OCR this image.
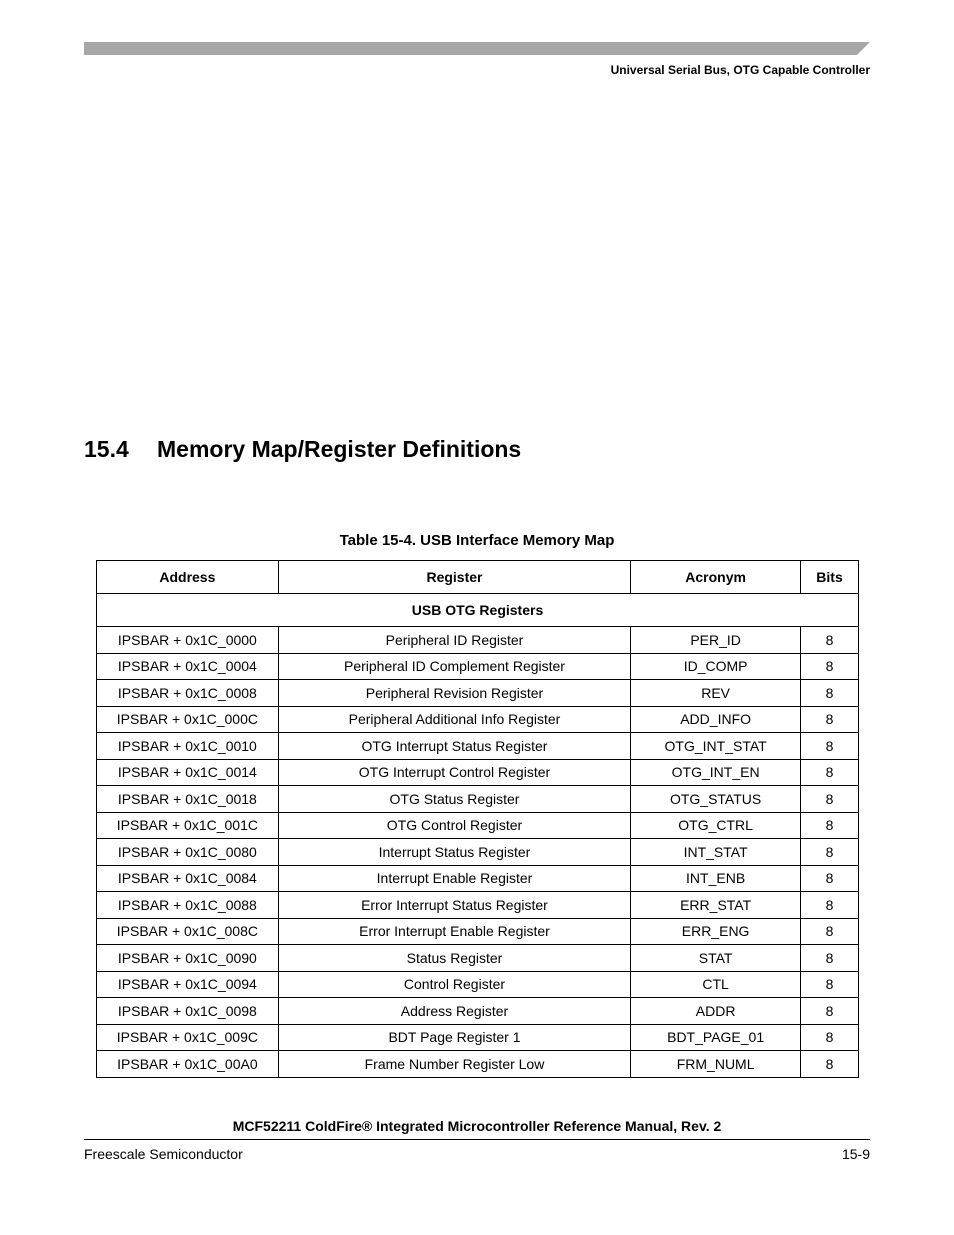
Universal Serial Bus, OTG Capable Controller
15.4 Memory Map/Register Definitions
Table 15-4. USB Interface Memory Map
Address	Register	Acronym	Bits
USB OTG Registers			
IPSBAR + 0x1C_0000	Peripheral ID Register	PER_ID	8
IPSBAR + 0x1C_0004	Peripheral ID Complement Register	ID_COMP	8
IPSBAR + 0x1C_0008	Peripheral Revision Register	REV	8
IPSBAR + 0x1C_000C	Peripheral Additional Info Register	ADD_INFO	8
IPSBAR + 0x1C_0010	OTG Interrupt Status Register	OTG_INT_STAT	8
IPSBAR + 0x1C_0014	OTG Interrupt Control Register	OTG_INT_EN	8
IPSBAR + 0x1C_0018	OTG Status Register	OTG_STATUS	8
IPSBAR + 0x1C_001C	OTG Control Register	OTG_CTRL	8
IPSBAR + 0x1C_0080	Interrupt Status Register	INT_STAT	8
IPSBAR + 0x1C_0084	Interrupt Enable Register	INT_ENB	8
IPSBAR + 0x1C_0088	Error Interrupt Status Register	ERR_STAT	8
IPSBAR + 0x1C_008C	Error Interrupt Enable Register	ERR_ENG	8
IPSBAR + 0x1C_0090	Status Register	STAT	8
IPSBAR + 0x1C_0094	Control Register	CTL	8
IPSBAR + 0x1C_0098	Address Register	ADDR	8
IPSBAR + 0x1C_009C	BDT Page Register 1	BDT_PAGE_01	8
IPSBAR + 0x1C_00A0	Frame Number Register Low	FRM_NUML	8
MCF52211 ColdFire® Integrated Microcontroller Reference Manual, Rev. 2
Freescale Semiconductor	15-9
